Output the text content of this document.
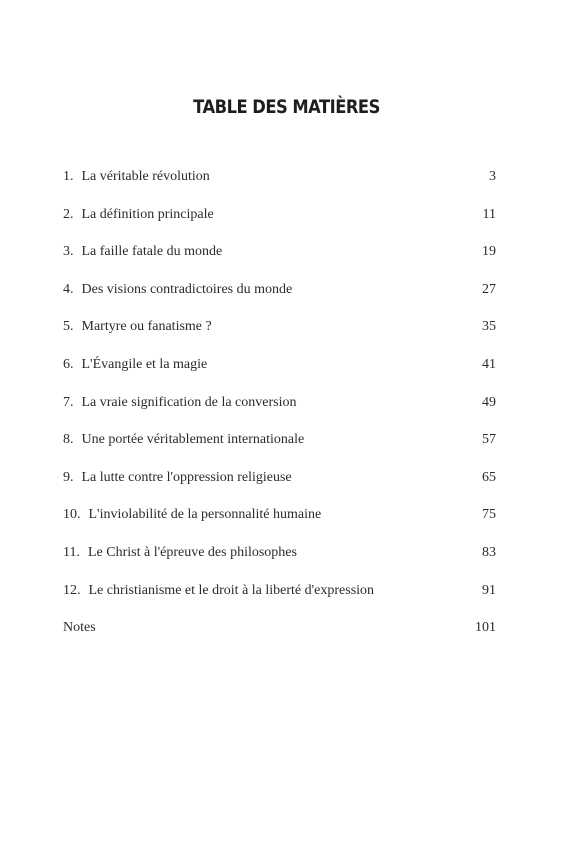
TABLE DES MATIÈRES
1. La véritable révolution	3
2. La définition principale	11
3. La faille fatale du monde	19
4. Des visions contradictoires du monde	27
5. Martyre ou fanatisme ?	35
6. L'Évangile et la magie	41
7. La vraie signification de la conversion	49
8. Une portée véritablement internationale	57
9. La lutte contre l'oppression religieuse	65
10. L'inviolabilité de la personnalité humaine	75
11. Le Christ à l'épreuve des philosophes	83
12. Le christianisme et le droit à la liberté d'expression	91
Notes	101
